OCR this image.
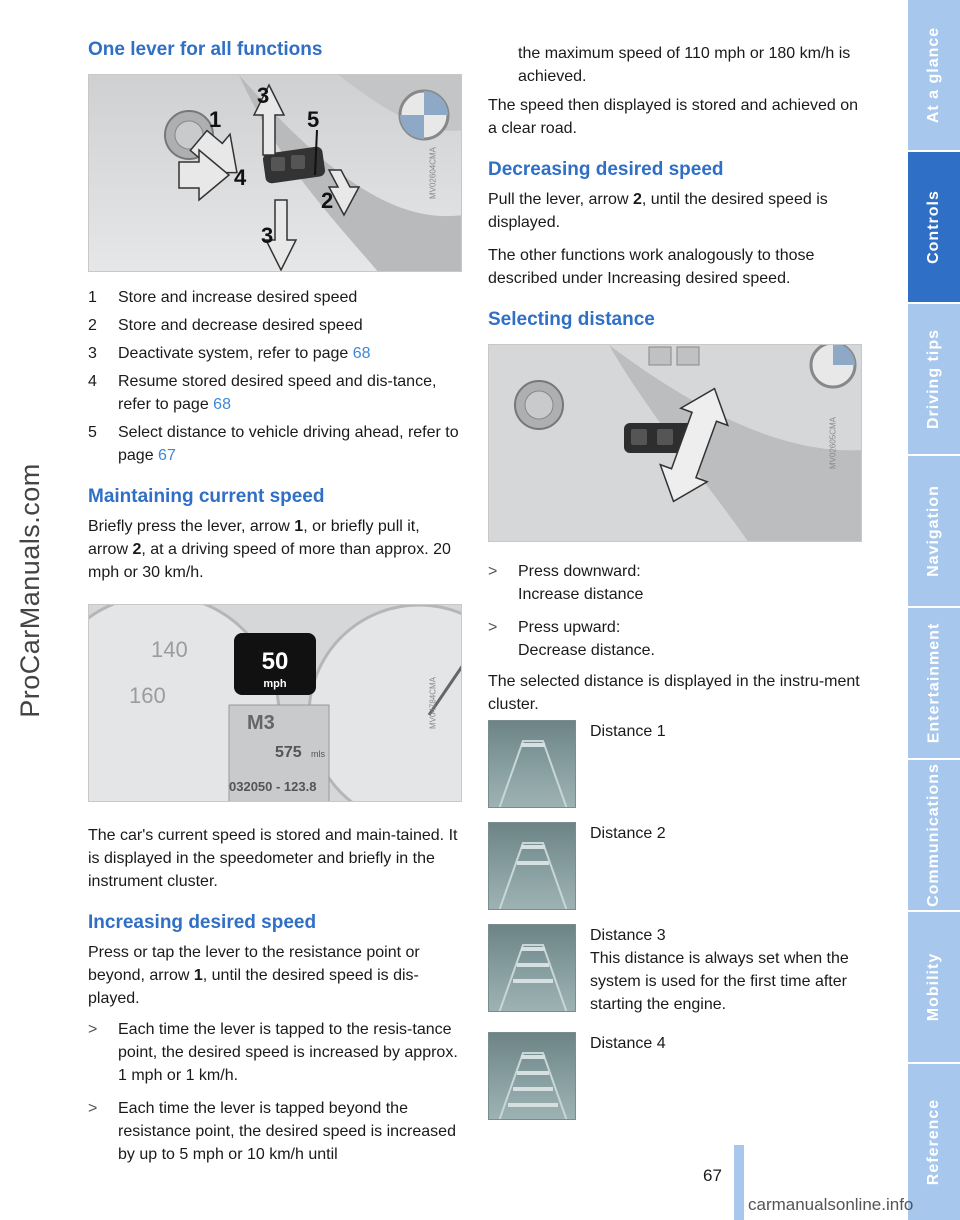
ProCarManuals.com
One lever for all functions
1
2
3
3
4
5
MV02604CMA
1	Store and increase desired speed
2	Store and decrease desired speed
3	Deactivate system, refer to page 68
4	Resume stored desired speed and dis-tance, refer to page 68
5	Select distance to vehicle driving ahead, refer to page 67
Maintaining current speed

Briefly press the lever, arrow 1, or briefly pull it, arrow 2, at a driving speed of more than approx. 20 mph or 30 km/h.

140
160
50
mph
M3
575 mls
032050 - 123.8
MV04784CMA

The car's current speed is stored and main-tained. It is displayed in the speedometer and briefly in the instrument cluster.

Increasing desired speed

Press or tap the lever to the resistance point or beyond, arrow 1, until the desired speed is dis-played.

>	Each time the lever is tapped to the resis-tance point, the desired speed is increased by approx. 1 mph or 1 km/h.
>	Each time the lever is tapped beyond the resistance point, the desired speed is increased by up to 5 mph or 10 km/h until

the maximum speed of 110 mph or 180 km/h is achieved.

The speed then displayed is stored and achieved on a clear road.

Decreasing desired speed

Pull the lever, arrow 2, until the desired speed is displayed.

The other functions work analogously to those described under Increasing desired speed.

Selecting distance
MV02605CMA
>	Press downward:
Increase distance
>	Press upward:
Decrease distance.

The selected distance is displayed in the instru-ment cluster.

Distance 1
Distance 2
Distance 3
This distance is always set when the system is used for the first time after starting the engine.
Distance 4
At a glance
Controls
Driving tips
Navigation
Entertainment
Communications
Mobility
Reference
67
carmanualsonline.info
